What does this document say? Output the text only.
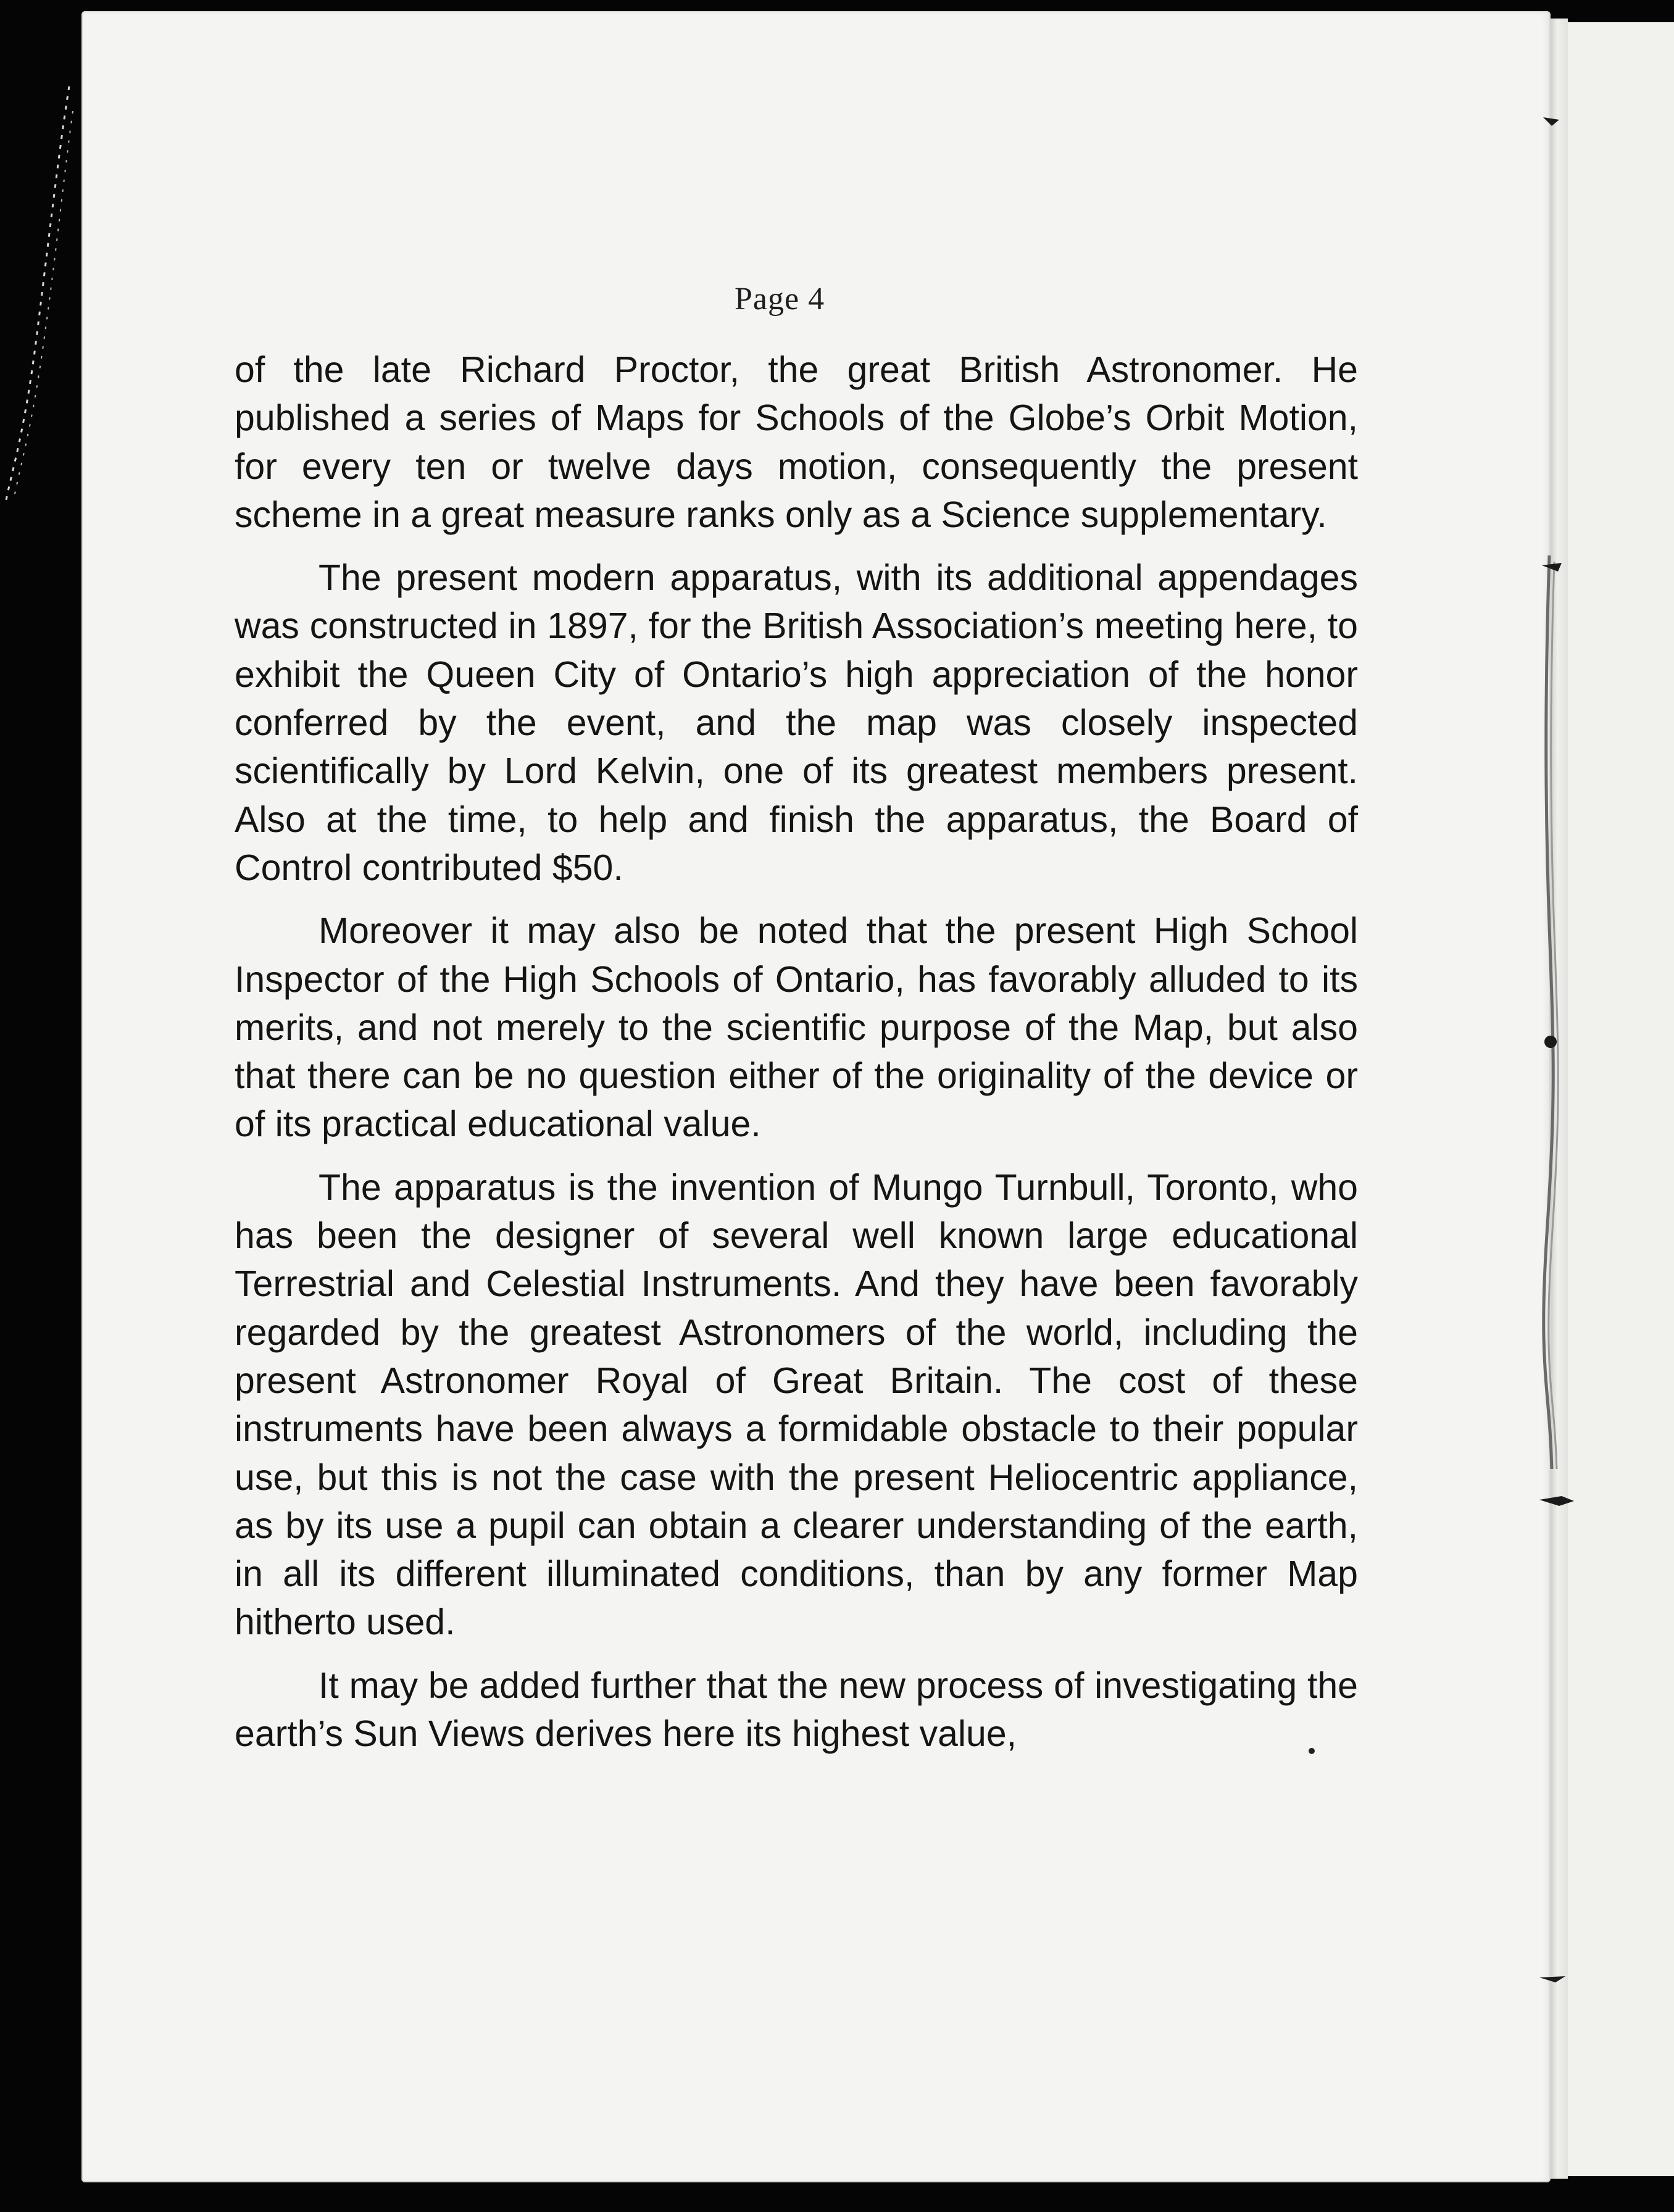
Page 4

of the late Richard Proctor, the great British Astronomer. He published a series of Maps for Schools of the Globe’s Orbit Motion, for every ten or twelve days motion, consequently the present scheme in a great measure ranks only as a Science supplementary.

The present modern apparatus, with its additional appendages was constructed in 1897, for the British Association’s meeting here, to exhibit the Queen City of Ontario’s high appreciation of the honor conferred by the event, and the map was closely inspected scientifically by Lord Kelvin, one of its greatest members present. Also at the time, to help and finish the apparatus, the Board of Control contributed $50.

Moreover it may also be noted that the present High School Inspector of the High Schools of Ontario, has favorably alluded to its merits, and not merely to the scientific purpose of the Map, but also that there can be no question either of the originality of the device or of its practical educational value.

The apparatus is the invention of Mungo Turnbull, Toronto, who has been the designer of several well known large educational Terrestrial and Celestial Instruments. And they have been favorably regarded by the greatest Astronomers of the world, including the present Astronomer Royal of Great Britain. The cost of these instruments have been always a formidable obstacle to their popular use, but this is not the case with the present Heliocentric appliance, as by its use a pupil can obtain a clearer understanding of the earth, in all its different illuminated conditions, than by any former Map hitherto used.

It may be added further that the new process of investigating the earth’s Sun Views derives here its highest value,
